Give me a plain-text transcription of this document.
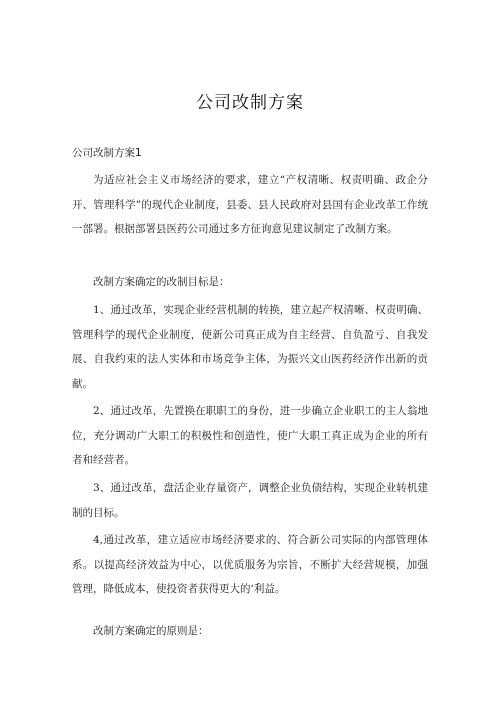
公司改制方案
公司改制方案1

为适应社会主义市场经济的要求，建立“产权清晰、权责明确、政企分开、管理科学”的现代企业制度，县委、县人民政府对县国有企业改革工作统一部署。根据部署县医药公司通过多方征询意见建议制定了改制方案。

改制方案确定的改制目标是：

1、通过改革，实现企业经营机制的转换，建立起产权清晰、权责明确、管理科学的现代企业制度，使新公司真正成为自主经营、自负盈亏、自我发展、自我约束的法人实体和市场竞争主体，为振兴文山医药经济作出新的贡献。

2、通过改革，先置换在职职工的身份，进一步确立企业职工的主人翁地位，充分调动广大职工的积极性和创造性，使广大职工真正成为企业的所有者和经营者。

3、通过改革，盘活企业存量资产，调整企业负债结构，实现企业转机建制的目标。

4,通过改革，建立适应市场经济要求的、符合新公司实际的内部管理体系。以提高经济效益为中心，以优质服务为宗旨，不断扩大经营规模，加强管理，降低成本，使投资者获得更大的‘利益。

改制方案确定的原则是：
